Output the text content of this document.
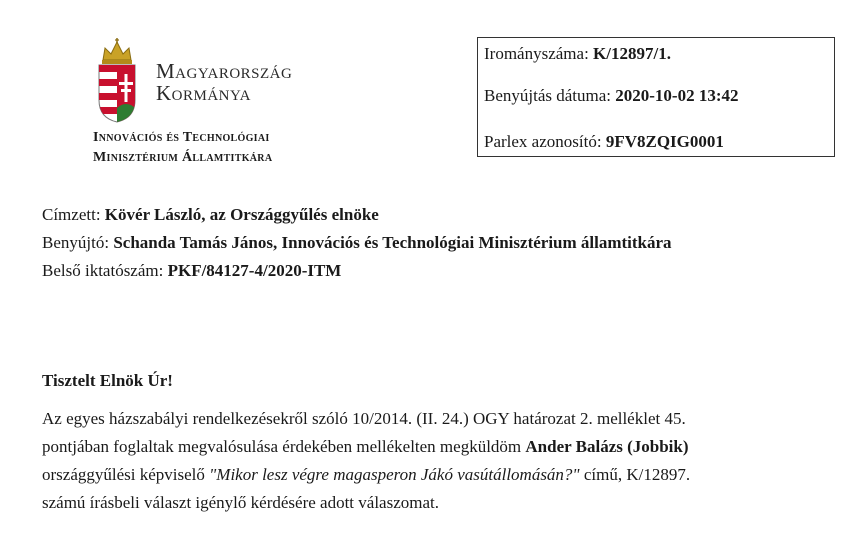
Magyarország
Kormánya
Innovációs és Technológiai
Minisztérium Államtitkára
Irományszáma: K/12897/1.
Benyújtás dátuma: 2020-10-02 13:42
Parlex azonosító: 9FV8ZQIG0001
Címzett: Kövér László, az Országgyűlés elnöke
Benyújtó: Schanda Tamás János, Innovációs és Technológiai Minisztérium államtitkára
Belső iktatószám: PKF/84127-4/2020-ITM
Tisztelt Elnök Úr!
Az egyes házszabályi rendelkezésekről szóló 10/2014. (II. 24.) OGY határozat 2. melléklet 45.
pontjában foglaltak megvalósulása érdekében mellékelten megküldöm Ander Balázs (Jobbik)
országgyűlési képviselő "Mikor lesz végre magasperon Jákó vasútállomásán?" című, K/12897.
számú írásbeli választ igénylő kérdésére adott válaszomat.
